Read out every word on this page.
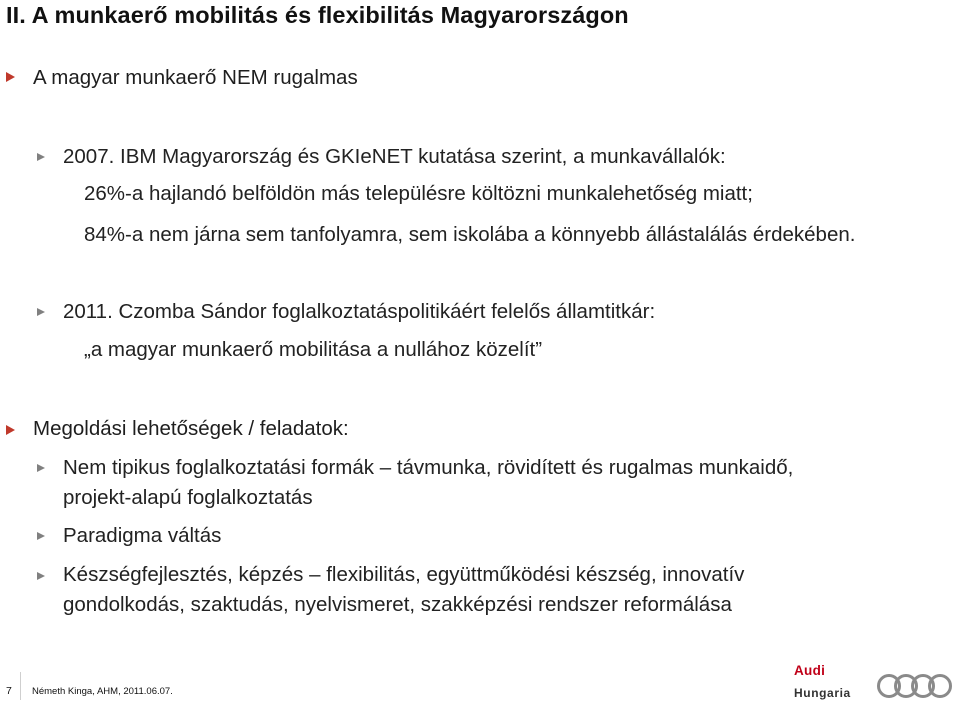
II. A munkaerő mobilitás és flexibilitás Magyarországon
A magyar munkaerő NEM rugalmas
2007. IBM Magyarország és GKIeNET kutatása szerint, a munkavállalók:
26%-a hajlandó belföldön más településre költözni munkalehetőség miatt;
84%-a nem járna sem tanfolyamra, sem iskolába a könnyebb állástalálás érdekében.
2011. Czomba Sándor foglalkoztatáspolitikáért felelős államtitkár:
„a magyar munkaerő mobilitása a nullához közelít”
Megoldási lehetőségek / feladatok:
Nem tipikus foglalkoztatási formák – távmunka, rövidített és rugalmas munkaidő,
projekt-alapú foglalkoztatás
Paradigma váltás
Készségfejlesztés, képzés – flexibilitás, együttműködési készség, innovatív
gondolkodás, szaktudás, nyelvismeret, szakképzési rendszer reformálása
7 Németh Kinga, AHM, 2011.06.07.
Audi
Hungaria
